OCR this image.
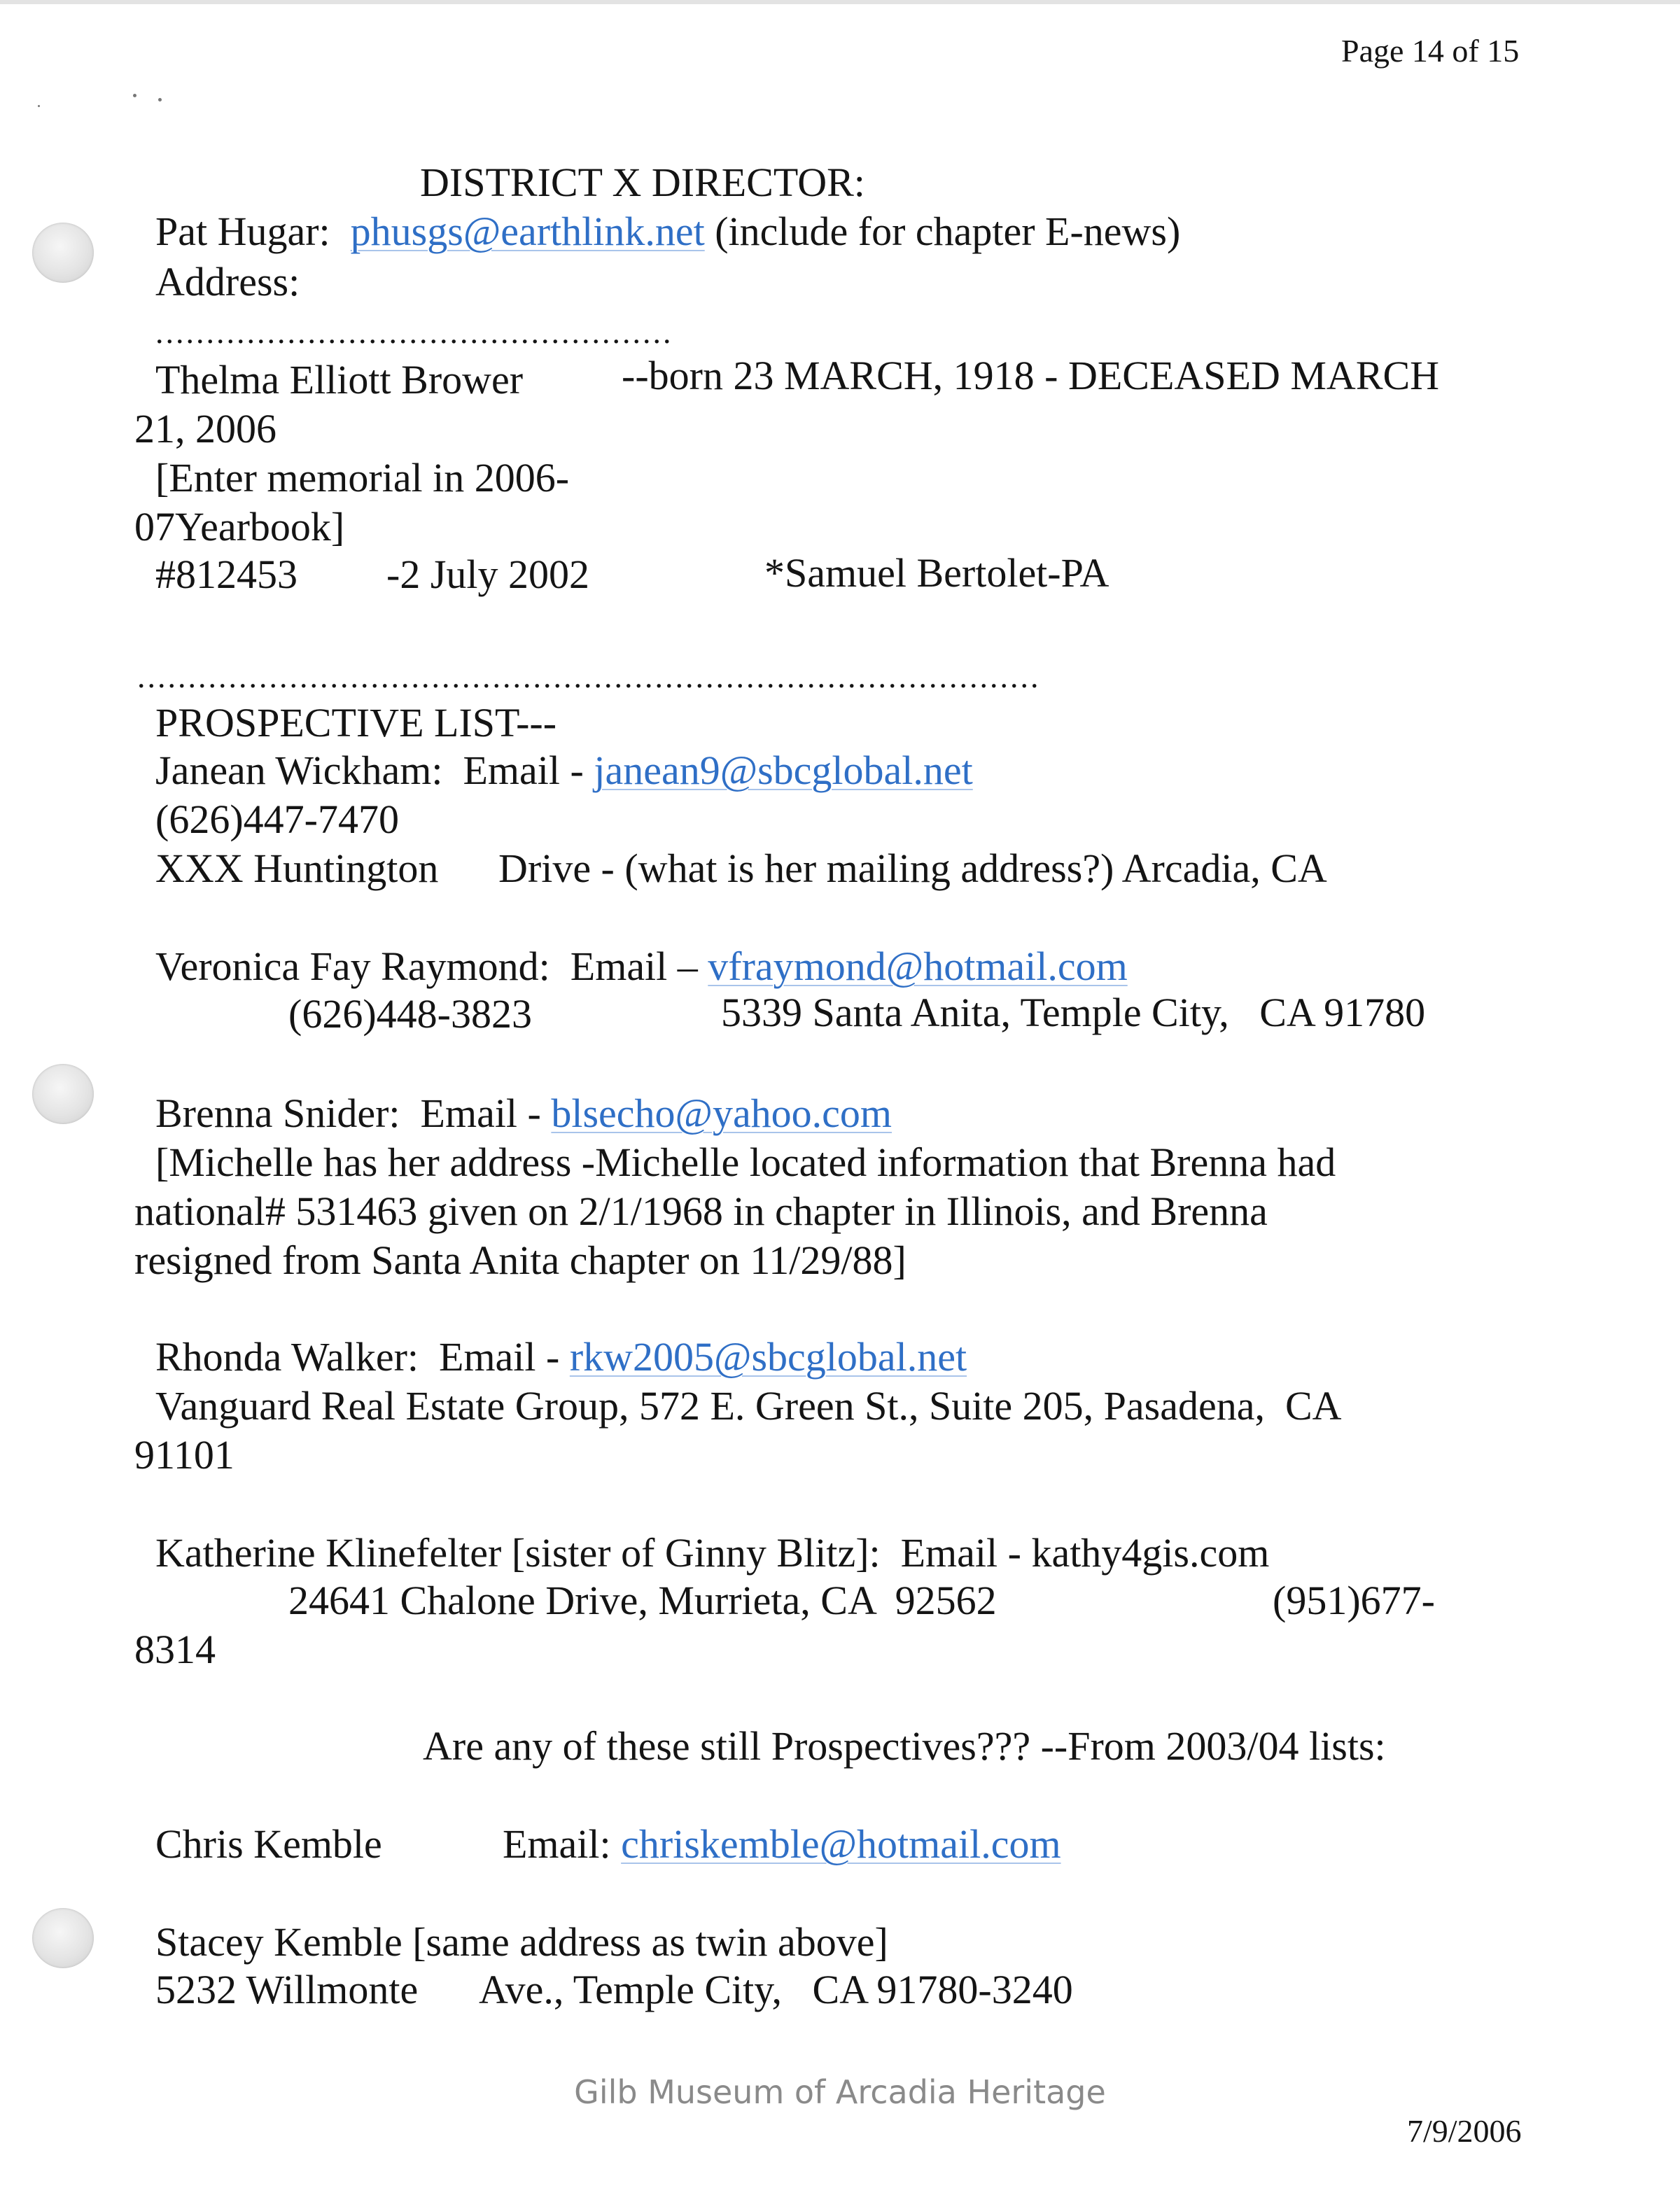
Page 14 of 15
DISTRICT X DIRECTOR:
Pat Hugar: phusgs@earthlink.net (include for chapter E-news)
Address:
...................................................
Thelma Elliott Brower --born 23 MARCH, 1918 - DECEASED MARCH
21, 2006
[Enter memorial in 2006-
07Yearbook]
#812453 -2 July 2002	*Samuel Bertolet-PA
.........................................................................................
PROSPECTIVE LIST---
Janean Wickham:  Email - janean9@sbcglobal.net
(626)447-7470
XXX Huntington Drive - (what is her mailing address?) Arcadia, CA
Veronica Fay Raymond:  Email – vfraymond@hotmail.com
(626)448-3823	5339 Santa Anita, Temple City,   CA 91780
Brenna Snider:  Email - blsecho@yahoo.com
[Michelle has her address -Michelle located information that Brenna had
national# 531463 given on 2/1/1968 in chapter in Illinois, and Brenna
resigned from Santa Anita chapter on 11/29/88]
Rhonda Walker:  Email - rkw2005@sbcglobal.net
Vanguard Real Estate Group, 572 E. Green St., Suite 205, Pasadena,  CA
91101
Katherine Klinefelter [sister of Ginny Blitz]:  Email - kathy4gis.com
24641 Chalone Drive, Murrieta, CA  92562	(951)677-
8314
Are any of these still Prospectives??? --From 2003/04 lists:
Chris Kemble	Email: chriskemble@hotmail.com
Stacey Kemble [same address as twin above]
5232 Willmonte Ave., Temple City,   CA 91780-3240
Gilb Museum of Arcadia Heritage
7/9/2006
